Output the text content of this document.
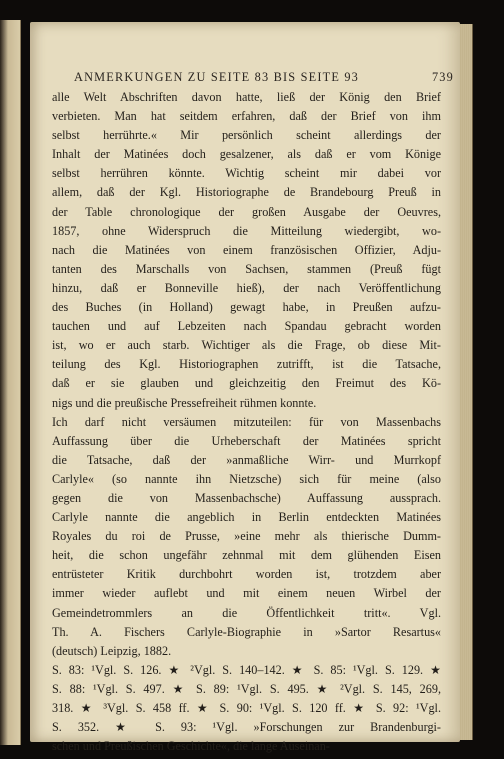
ANMERKUNGEN ZU SEITE 83 BIS SEITE 93	739
alle Welt Abschriften davon hatte, ließ der König den Brief
verbieten. Man hat seitdem erfahren, daß der Brief von ihm
selbst herrührte.« Mir persönlich scheint allerdings der
Inhalt der Matinées doch gesalzener, als daß er vom Könige
selbst herrühren könnte. Wichtig scheint mir dabei vor
allem, daß der Kgl. Historiographe de Brandebourg Preuß in
der Table chronologique der großen Ausgabe der Oeuvres,
1857, ohne Widerspruch die Mitteilung wiedergibt, wo-
nach die Matinées von einem französischen Offizier, Adju-
tanten des Marschalls von Sachsen, stammen (Preuß fügt
hinzu, daß er Bonneville hieß), der nach Veröffentlichung
des Buches (in Holland) gewagt habe, in Preußen aufzu-
tauchen und auf Lebzeiten nach Spandau gebracht worden
ist, wo er auch starb. Wichtiger als die Frage, ob diese Mit-
teilung des Kgl. Historiographen zutrifft, ist die Tatsache,
daß er sie glauben und gleichzeitig den Freimut des Kö-
nigs und die preußische Pressefreiheit rühmen konnte.
Ich darf nicht versäumen mitzuteilen: für von Massenbachs
Auffassung über die Urheberschaft der Matinées spricht
die Tatsache, daß der »anmaßliche Wirr- und Murrkopf
Carlyle« (so nannte ihn Nietzsche) sich für meine (also
gegen die von Massenbachsche) Auffassung aussprach.
Carlyle nannte die angeblich in Berlin entdeckten Matinées
Royales du roi de Prusse, »eine mehr als thierische Dumm-
heit, die schon ungefähr zehnmal mit dem glühenden Eisen
entrüsteter Kritik durchbohrt worden ist, trotzdem aber
immer wieder auflebt und mit einem neuen Wirbel der
Gemeindetrommlers an die Öffentlichkeit tritt«. Vgl.
Th. A. Fischers Carlyle-Biographie in »Sartor Resartus«
(deutsch) Leipzig, 1882.
S. 83: ¹Vgl. S. 126. ★ ²Vgl. S. 140–142. ★ S. 85: ¹Vgl. S. 129. ★
S. 88: ¹Vgl. S. 497. ★ S. 89: ¹Vgl. S. 495. ★ ²Vgl. S. 145, 269,
318. ★ ³Vgl. S. 458 ff. ★ S. 90: ¹Vgl. S. 120 ff. ★ S. 92: ¹Vgl.
S. 352. ★ S. 93: ¹Vgl. »Forschungen zur Brandenburgi-
schen und Preußischen Geschichte«, die lange Auseinan-
